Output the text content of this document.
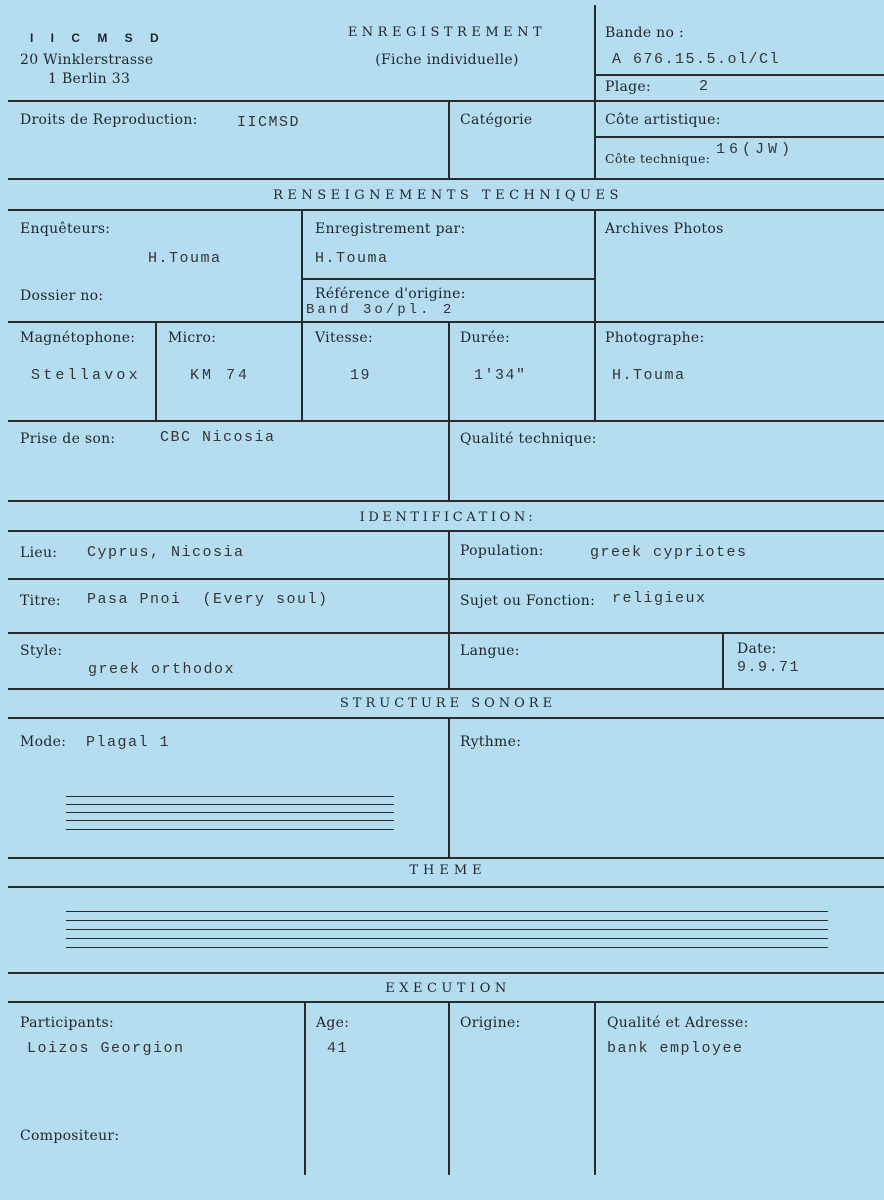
I I C M S D
20 Winklerstrasse
1 Berlin 33
ENREGISTREMENT
(Fiche individuelle)
Bande no :
A 676.15.5.ol/Cl
Plage:	2
Droits de Reproduction:	IICMSD	Catégorie	Côte artistique:
Côte technique:
16(JW)
RENSEIGNEMENTS TECHNIQUES
Enquêteurs:
H.Touma
Enregistrement par:
H.Touma
Archives Photos
Dossier no:	Référence d'origine:
Band 3o/pl. 2
Magnétophone:
Stellavox
Micro:
KM 74
Vitesse:
19
Durée:
1'34"
Photographe:
H.Touma
Prise de son:	CBC Nicosia	Qualité technique:
IDENTIFICATION:
Lieu: Cyprus, Nicosia	Population:	greek cypriotes
Titre: Pasa Pnoi  (Every soul)	Sujet ou Fonction: religieux
Style:
greek orthodox
Langue:	Date:
9.9.71
STRUCTURE SONORE
Mode: Plagal 1	Rythme:
THEME
EXECUTION
Participants:
Loizos Georgion
Age:
41
Origine:	Qualité et Adresse:
bank employee
Compositeur:
